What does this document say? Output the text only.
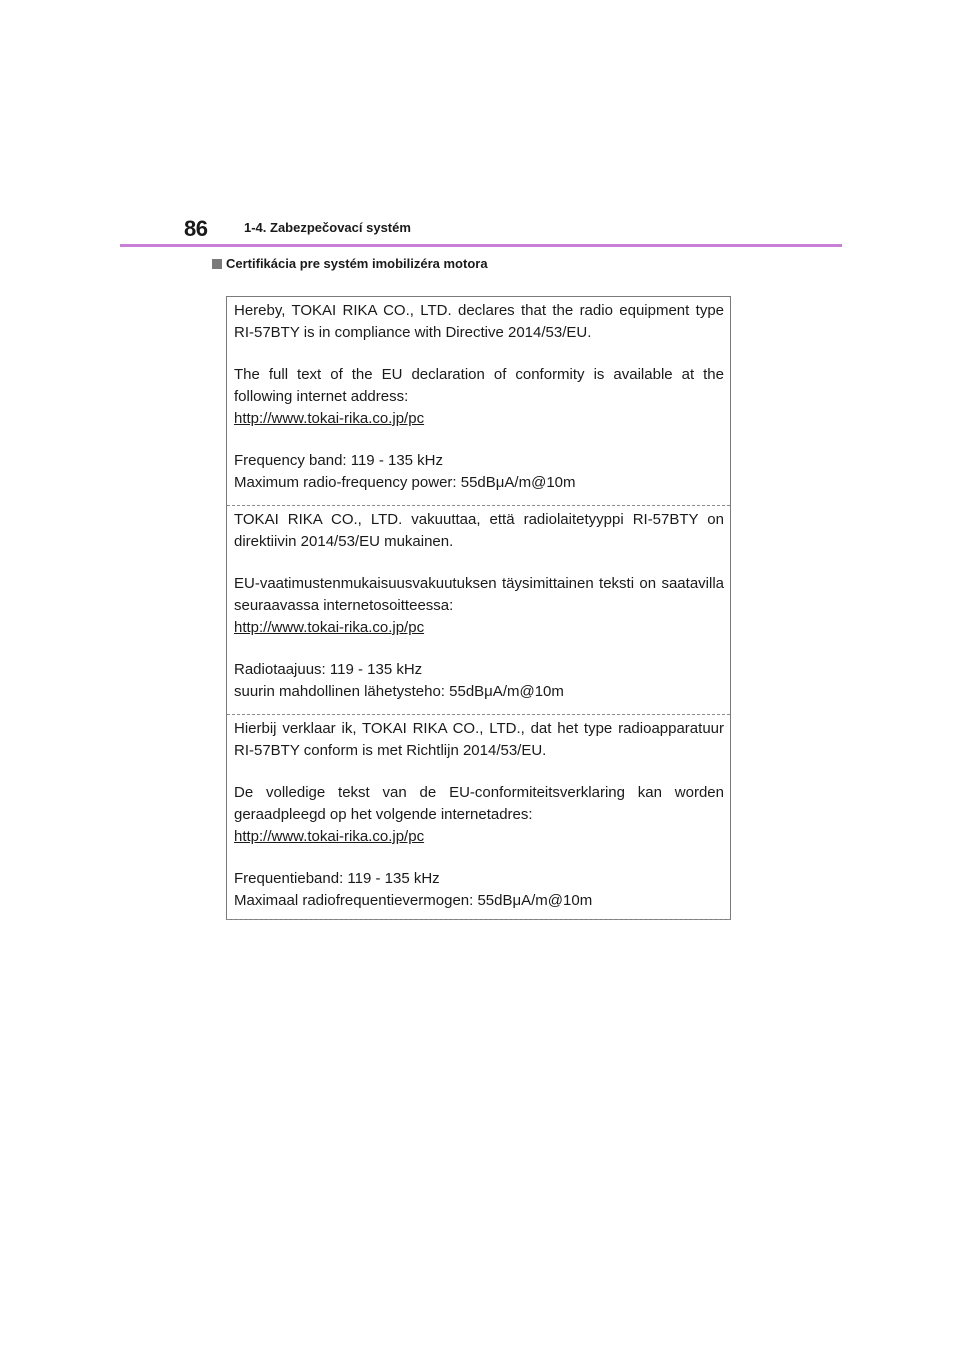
86	1-4. Zabezpečovací systém
Certifikácia pre systém imobilizéra motora

Hereby, TOKAI RIKA CO., LTD. declares that the radio equipment type RI-57BTY is in compliance with Directive 2014/53/EU.

The full text of the EU declaration of conformity is available at the following internet address:

http://www.tokai-rika.co.jp/pc

Frequency band: 119 - 135 kHz

Maximum radio-frequency power: 55dBμA/m@10m

TOKAI RIKA CO., LTD. vakuuttaa, että radiolaitetyyppi RI-57BTY on direktiivin 2014/53/EU mukainen.

EU-vaatimustenmukaisuusvakuutuksen täysimittainen teksti on saatavilla seuraavassa internetosoitteessa:

http://www.tokai-rika.co.jp/pc

Radiotaajuus: 119 - 135 kHz

suurin mahdollinen lähetysteho: 55dBμA/m@10m

Hierbij verklaar ik, TOKAI RIKA CO., LTD., dat het type radioapparatuur RI-57BTY conform is met Richtlijn 2014/53/EU.

De volledige tekst van de EU-conformiteitsverklaring kan worden geraadpleegd op het volgende internetadres:

http://www.tokai-rika.co.jp/pc

Frequentieband: 119 - 135 kHz

Maximaal radiofrequentievermogen: 55dBμA/m@10m
